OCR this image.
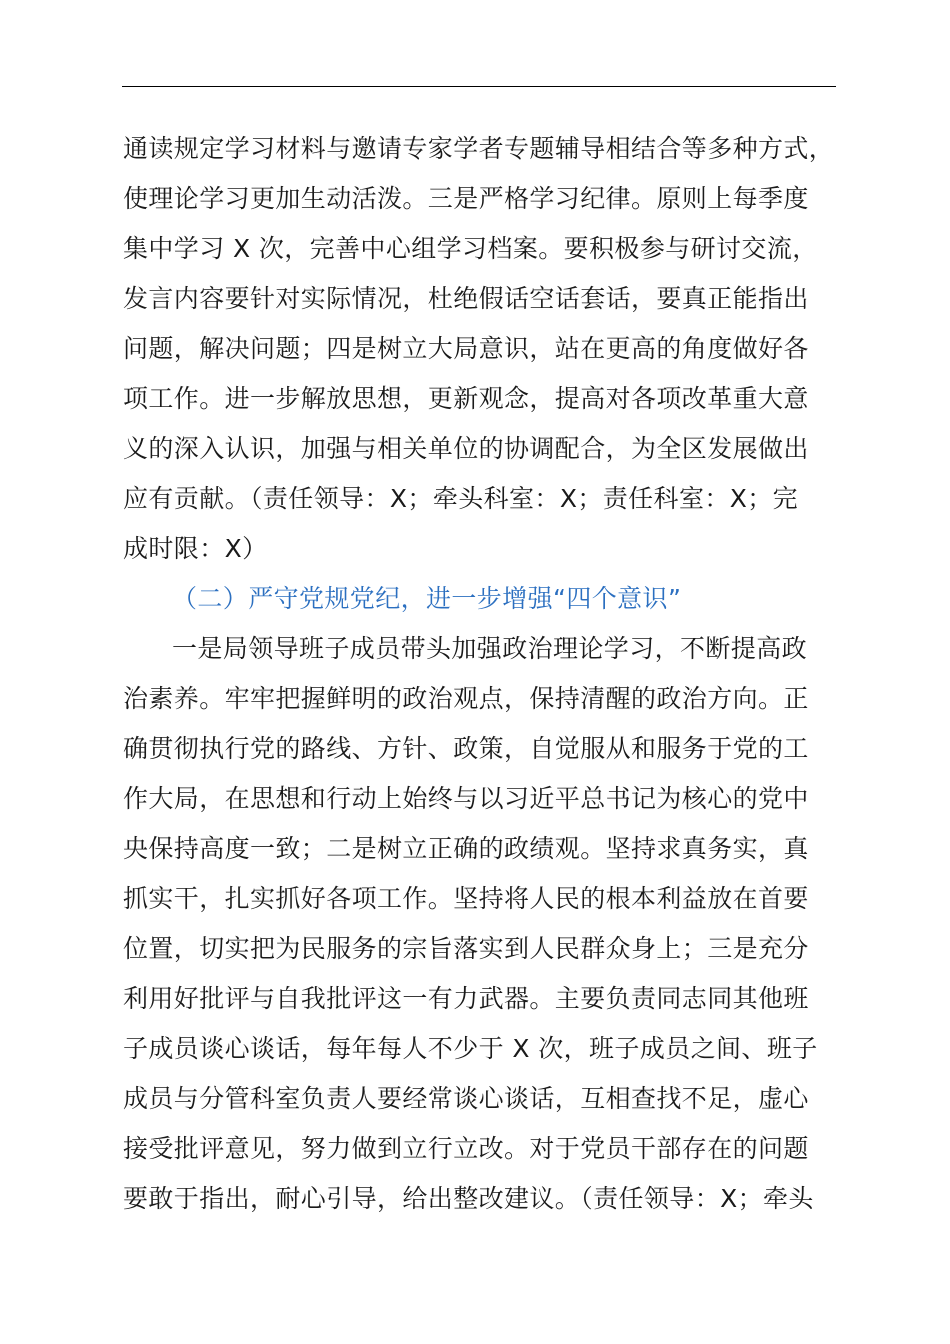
通读规定学习材料与邀请专家学者专题辅导相结合等多种方式，
使理论学习更加生动活泼。三是严格学习纪律。原则上每季度
集中学习 X 次，完善中心组学习档案。要积极参与研讨交流，
发言内容要针对实际情况，杜绝假话空话套话，要真正能指出
问题，解决问题；四是树立大局意识，站在更高的角度做好各
项工作。进一步解放思想，更新观念，提高对各项改革重大意
义的深入认识，加强与相关单位的协调配合，为全区发展做出
应有贡献。（责任领导：X；牵头科室：X；责任科室：X；完
成时限：X）
（二）严守党规党纪，进一步增强“四个意识”
一是局领导班子成员带头加强政治理论学习，不断提高政
治素养。牢牢把握鲜明的政治观点，保持清醒的政治方向。正
确贯彻执行党的路线、方针、政策，自觉服从和服务于党的工
作大局，在思想和行动上始终与以习近平总书记为核心的党中
央保持高度一致；二是树立正确的政绩观。坚持求真务实，真
抓实干，扎实抓好各项工作。坚持将人民的根本利益放在首要
位置，切实把为民服务的宗旨落实到人民群众身上；三是充分
利用好批评与自我批评这一有力武器。主要负责同志同其他班
子成员谈心谈话，每年每人不少于 X 次，班子成员之间、班子
成员与分管科室负责人要经常谈心谈话，互相查找不足，虚心
接受批评意见，努力做到立行立改。对于党员干部存在的问题
要敢于指出，耐心引导，给出整改建议。（责任领导：X；牵头
